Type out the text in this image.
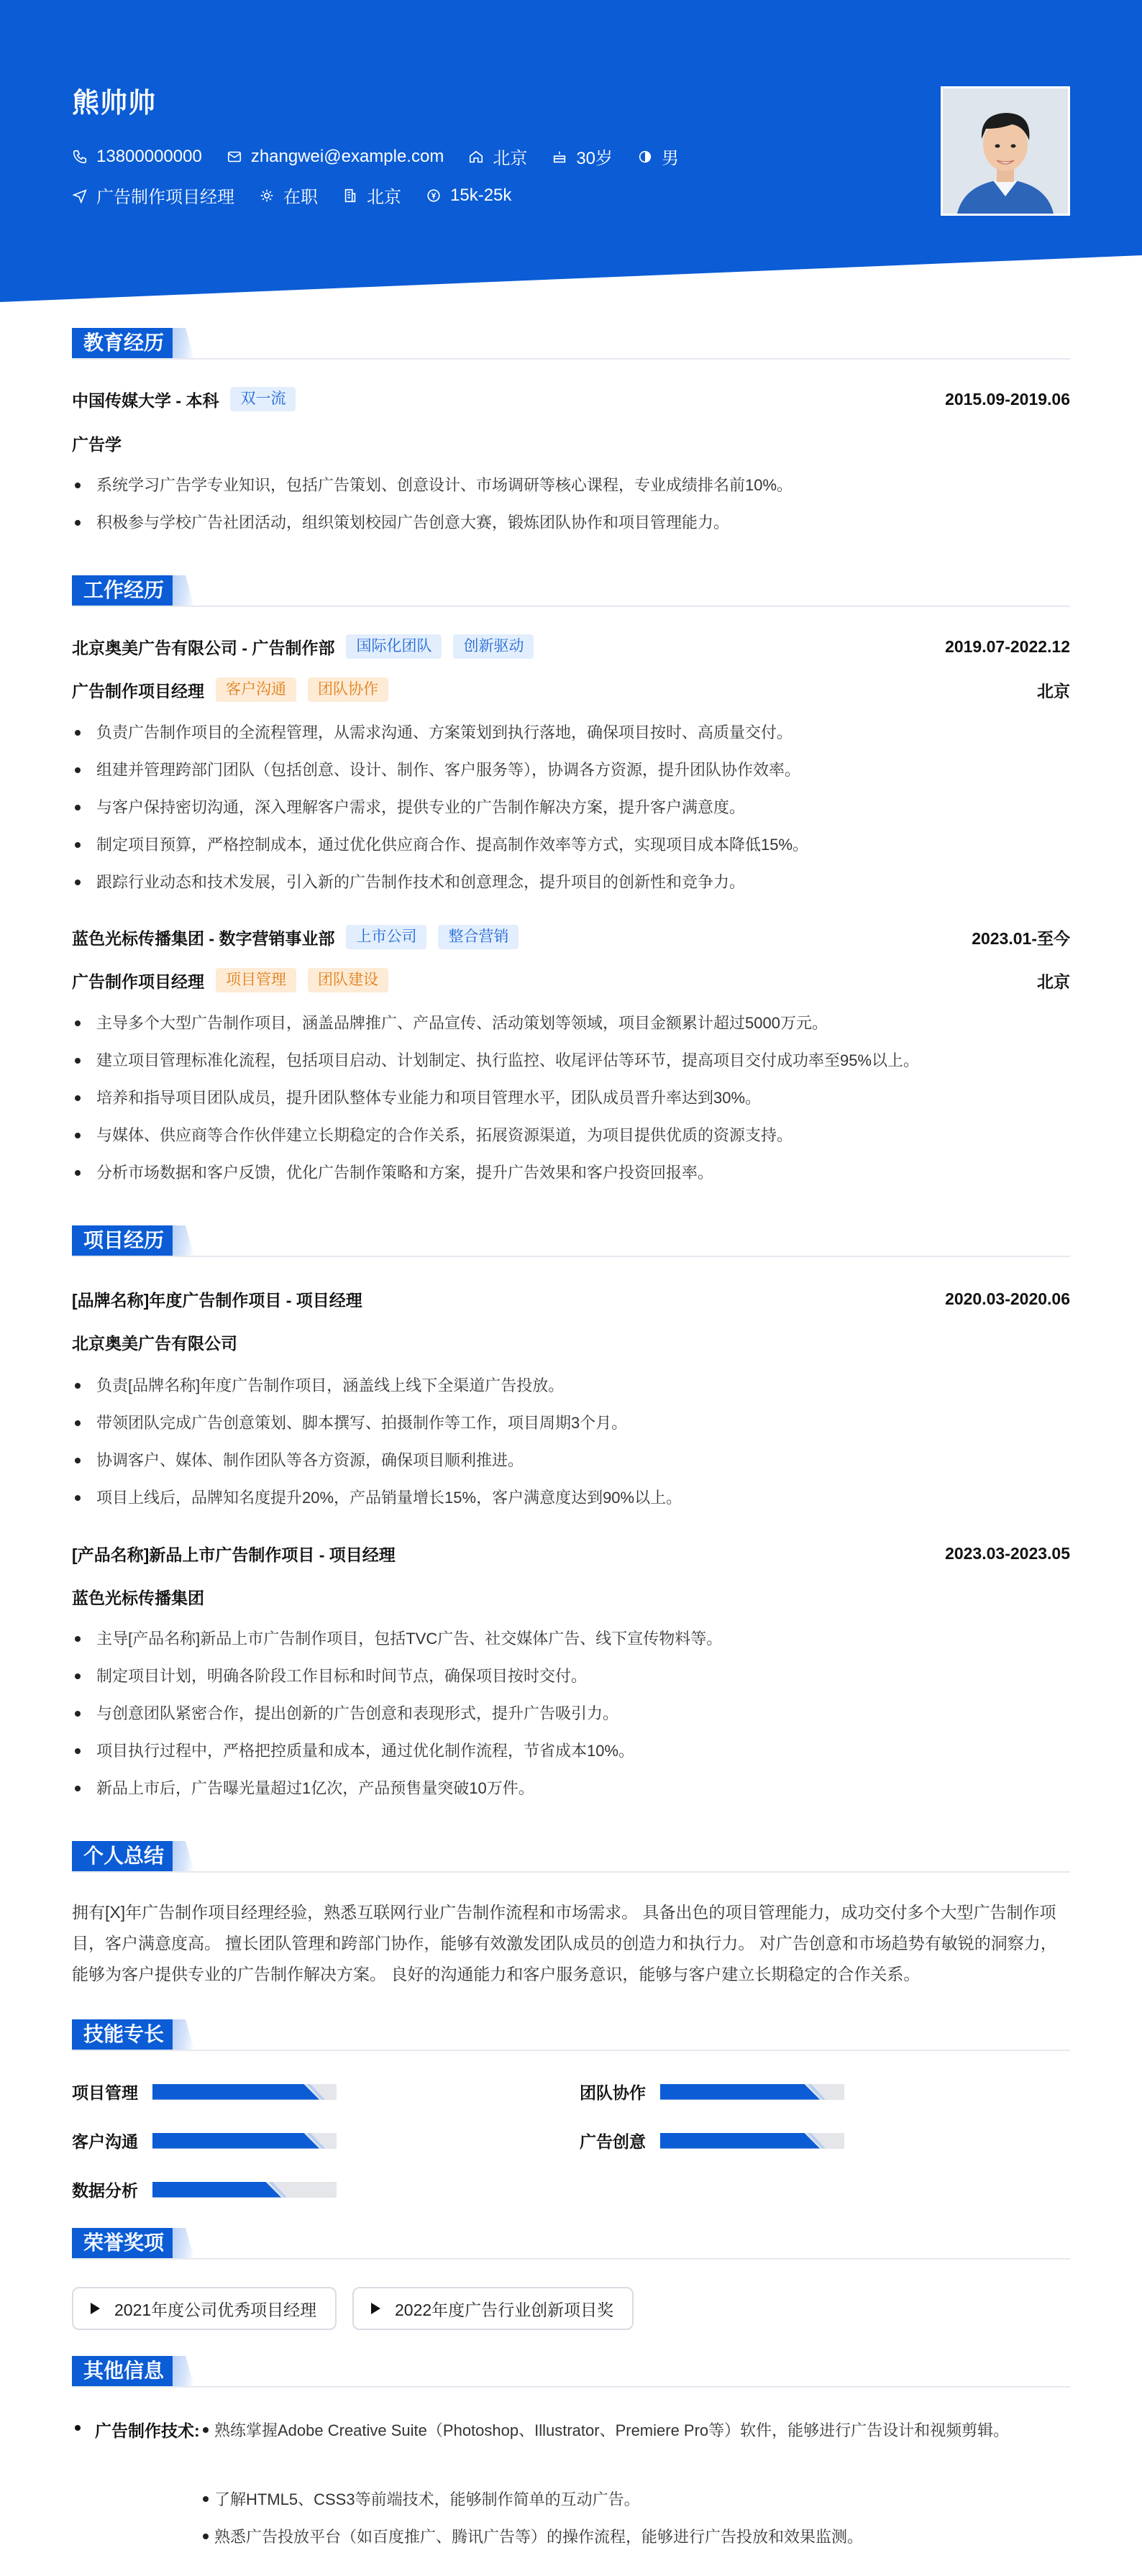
熊帅帅
13800000000	zhangwei@example.com	北京	30岁	男
广告制作项目经理	在职	北京	15k-25k
教育经历
中国传媒大学 - 本科	双一流	2015.09-2019.06
广告学
系统学习广告学专业知识，包括广告策划、创意设计、市场调研等核心课程，专业成绩排名前10%。
积极参与学校广告社团活动，组织策划校园广告创意大赛，锻炼团队协作和项目管理能力。
工作经历
北京奥美广告有限公司 - 广告制作部	国际化团队	创新驱动	2019.07-2022.12
广告制作项目经理	客户沟通	团队协作	北京
负责广告制作项目的全流程管理，从需求沟通、方案策划到执行落地，确保项目按时、高质量交付。
组建并管理跨部门团队（包括创意、设计、制作、客户服务等），协调各方资源，提升团队协作效率。
与客户保持密切沟通，深入理解客户需求，提供专业的广告制作解决方案，提升客户满意度。
制定项目预算，严格控制成本，通过优化供应商合作、提高制作效率等方式，实现项目成本降低15%。
跟踪行业动态和技术发展，引入新的广告制作技术和创意理念，提升项目的创新性和竞争力。
蓝色光标传播集团 - 数字营销事业部	上市公司	整合营销	2023.01-至今
广告制作项目经理	项目管理	团队建设	北京
主导多个大型广告制作项目，涵盖品牌推广、产品宣传、活动策划等领域，项目金额累计超过5000万元。
建立项目管理标准化流程，包括项目启动、计划制定、执行监控、收尾评估等环节，提高项目交付成功率至95%以上。
培养和指导项目团队成员，提升团队整体专业能力和项目管理水平，团队成员晋升率达到30%。
与媒体、供应商等合作伙伴建立长期稳定的合作关系，拓展资源渠道，为项目提供优质的资源支持。
分析市场数据和客户反馈，优化广告制作策略和方案，提升广告效果和客户投资回报率。
项目经历
[品牌名称]年度广告制作项目 - 项目经理	2020.03-2020.06
北京奥美广告有限公司
负责[品牌名称]年度广告制作项目，涵盖线上线下全渠道广告投放。
带领团队完成广告创意策划、脚本撰写、拍摄制作等工作，项目周期3个月。
协调客户、媒体、制作团队等各方资源，确保项目顺利推进。
项目上线后，品牌知名度提升20%，产品销量增长15%，客户满意度达到90%以上。
[产品名称]新品上市广告制作项目 - 项目经理	2023.03-2023.05
蓝色光标传播集团
主导[产品名称]新品上市广告制作项目，包括TVC广告、社交媒体广告、线下宣传物料等。
制定项目计划，明确各阶段工作目标和时间节点，确保项目按时交付。
与创意团队紧密合作，提出创新的广告创意和表现形式，提升广告吸引力。
项目执行过程中，严格把控质量和成本，通过优化制作流程，节省成本10%。
新品上市后，广告曝光量超过1亿次，产品预售量突破10万件。
个人总结
拥有[X]年广告制作项目经理经验，熟悉互联网行业广告制作流程和市场需求。 具备出色的项目管理能力，成功交付多个大型广告制作项目，客户满意度高。 擅长团队管理和跨部门协作，能够有效激发团队成员的创造力和执行力。 对广告创意和市场趋势有敏锐的洞察力，能够为客户提供专业的广告制作解决方案。 良好的沟通能力和客户服务意识，能够与客户建立长期稳定的合作关系。
技能专长
项目管理	团队协作
客户沟通	广告创意
数据分析
荣誉奖项
2021年度公司优秀项目经理	2022年度广告行业创新项目奖
其他信息
广告制作技术: 熟练掌握Adobe Creative Suite（Photoshop、Illustrator、Premiere Pro等）软件，能够进行广告设计和视频剪辑。
了解HTML5、CSS3等前端技术，能够制作简单的互动广告。
熟悉广告投放平台（如百度推广、腾讯广告等）的操作流程，能够进行广告投放和效果监测。
